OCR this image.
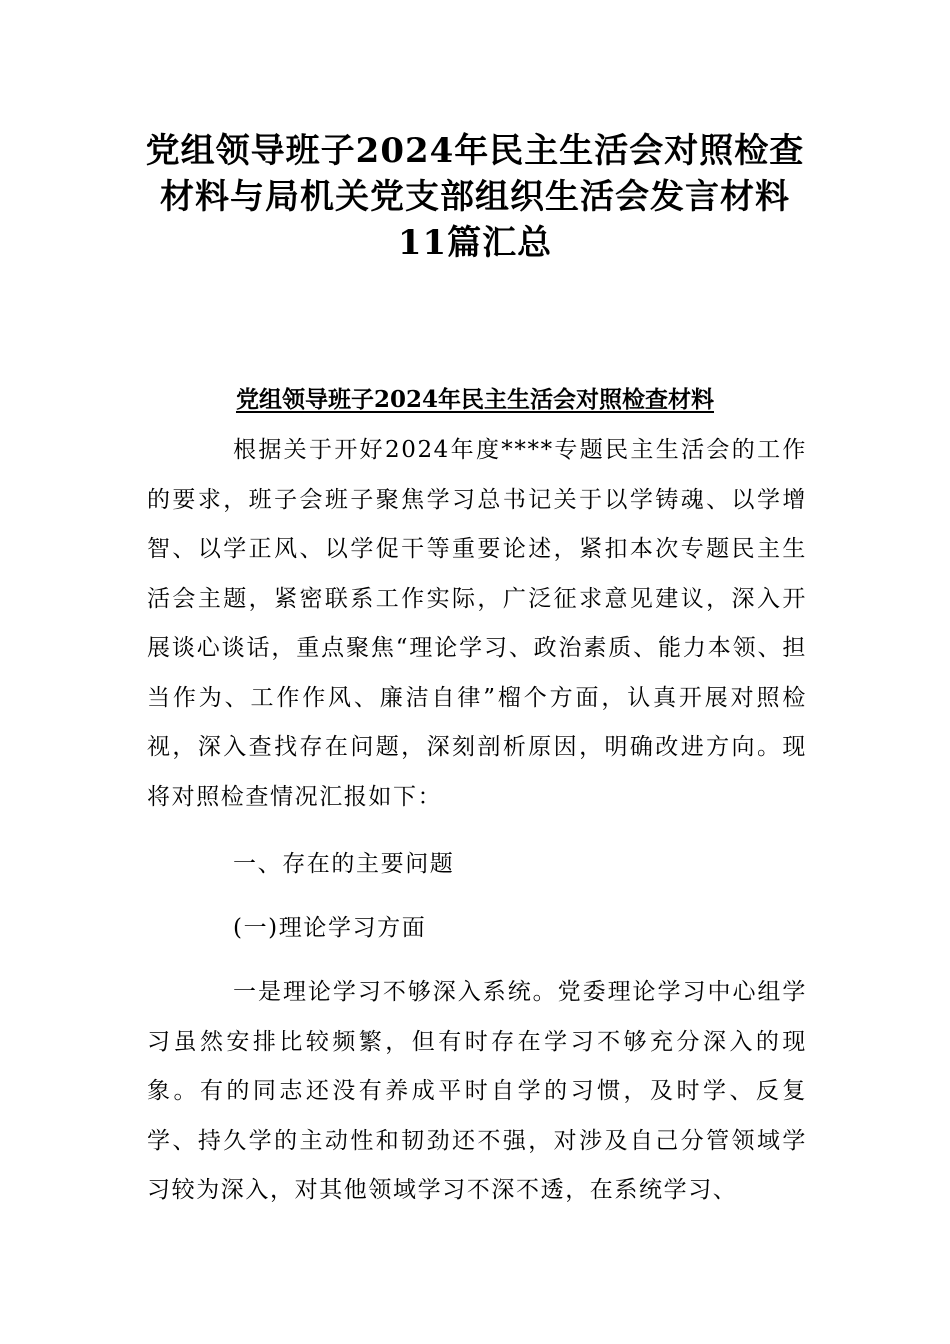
党组领导班子2024年民主生活会对照检查材料与局机关党支部组织生活会发言材料11篇汇总
党组领导班子2024年民主生活会对照检查材料

根据关于开好2024年度****专题民主生活会的工作的要求，班子会班子聚焦学习总书记关于以学铸魂、以学增智、以学正风、以学促干等重要论述，紧扣本次专题民主生活会主题，紧密联系工作实际，广泛征求意见建议，深入开展谈心谈话，重点聚焦“理论学习、政治素质、能力本领、担当作为、工作作风、廉洁自律”榴个方面，认真开展对照检视，深入查找存在问题，深刻剖析原因，明确改进方向。现将对照检查情况汇报如下：

一、存在的主要问题

(一)理论学习方面

一是理论学习不够深入系统。党委理论学习中心组学习虽然安排比较频繁，但有时存在学习不够充分深入的现象。有的同志还没有养成平时自学的习惯，及时学、反复学、持久学的主动性和韧劲还不强，对涉及自己分管领域学习较为深入，对其他领域学习不深不透，在系统学习、
